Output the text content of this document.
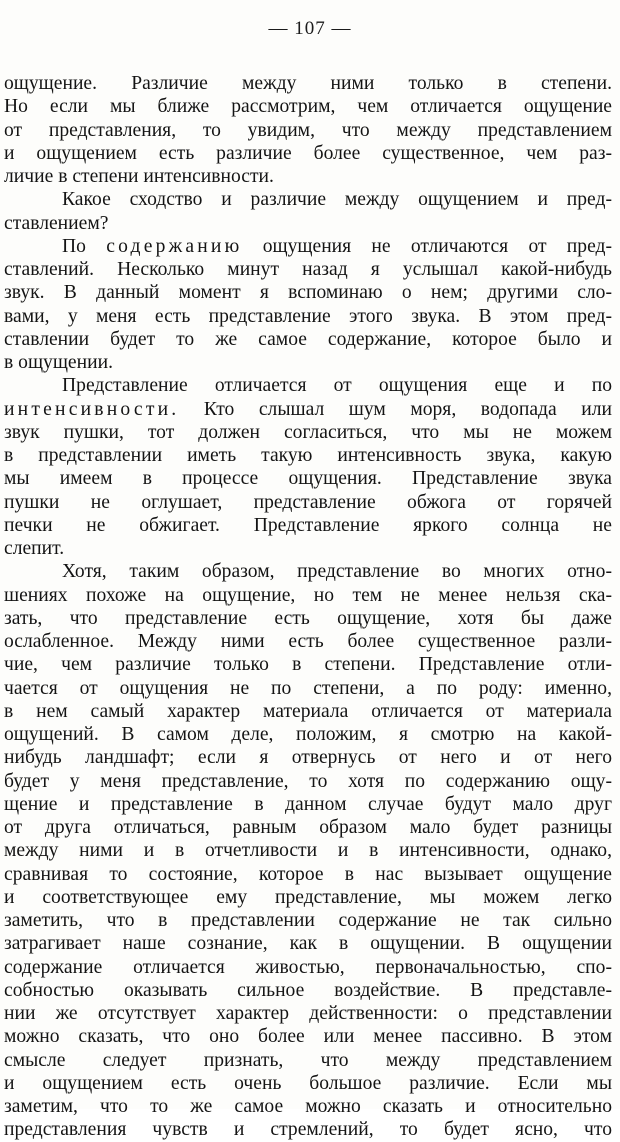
— 107 —
ощущение. Различие между ними только в степени.
Но если мы ближе рассмотрим, чем отличается ощущение
от представления, то увидим, что между представлением
и ощущением есть различие более существенное, чем раз-
личие в степени интенсивности.
Какое сходство и различие между ощущением и пред-
ставлением?
По содержанию ощущения не отличаются от пред-
ставлений. Несколько минут назад я услышал какой-нибудь
звук. В данный момент я вспоминаю о нем; другими сло-
вами, у меня есть представление этого звука. В этом пред-
ставлении будет то же самое содержание, которое было и
в ощущении.
Представление отличается от ощущения еще и по
интенсивности. Кто слышал шум моря, водопада или
звук пушки, тот должен согласиться, что мы не можем
в представлении иметь такую интенсивность звука, какую
мы имеем в процессе ощущения. Представление звука
пушки не оглушает, представление обжога от горячей
печки не обжигает. Представление яркого солнца не
слепит.
Хотя, таким образом, представление во многих отно-
шениях похоже на ощущение, но тем не менее нельзя ска-
зать, что представление есть ощущение, хотя бы даже
ослабленное. Между ними есть более существенное разли-
чие, чем различие только в степени. Представление отли-
чается от ощущения не по степени, а по роду: именно,
в нем самый характер материала отличается от материала
ощущений. В самом деле, положим, я смотрю на какой-
нибудь ландшафт; если я отвернусь от него и от него
будет у меня представление, то хотя по содержанию ощу-
щение и представление в данном случае будут мало друг
от друга отличаться, равным образом мало будет разницы
между ними и в отчетливости и в интенсивности, однако,
сравнивая то состояние, которое в нас вызывает ощущение
и соответствующее ему представление, мы можем легко
заметить, что в представлении содержание не так сильно
затрагивает наше сознание, как в ощущении. В ощущении
содержание отличается живостью, первоначальностью, спо-
собностью оказывать сильное воздействие. В представле-
нии же отсутствует характер действенности: о представлении
можно сказать, что оно более или менее пассивно. В этом
смысле следует признать, что между представлением
и ощущением есть очень большое различие. Если мы
заметим, что то же самое можно сказать и относительно
представления чувств и стремлений, то будет ясно, что
